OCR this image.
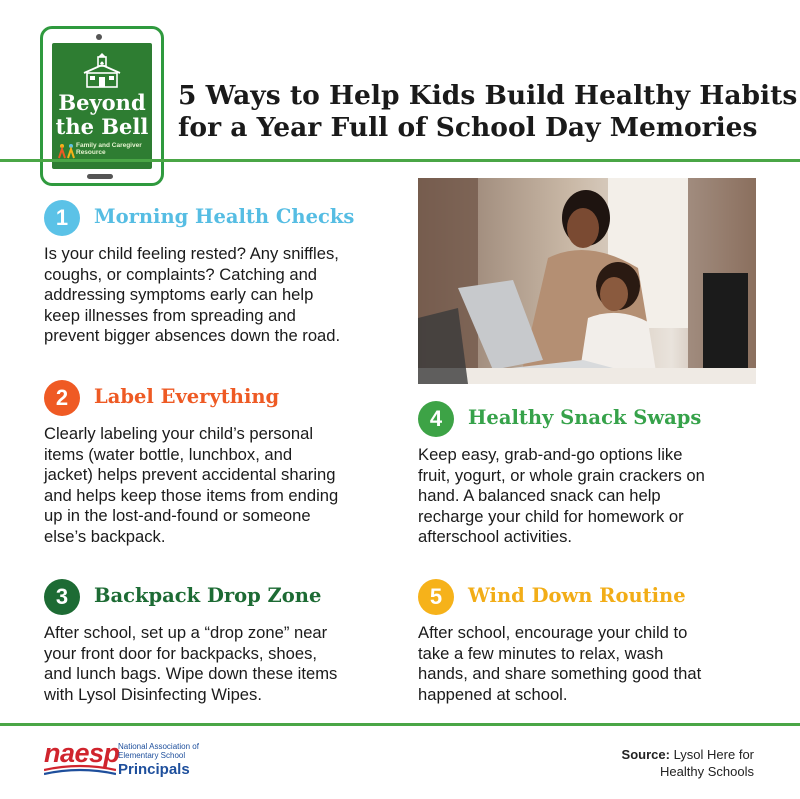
Beyond
the Bell
Family and Caregiver Resource
5 Ways to Help Kids Build Healthy Habits
for a Year Full of School Day Memories
1	Morning Health Checks

Is your child feeling rested? Any sniffles,
coughs, or complaints? Catching and
addressing symptoms early can help
keep illnesses from spreading and
prevent bigger absences down the road.

2	Label Everything

Clearly labeling your child’s personal
items (water bottle, lunchbox, and
jacket) helps prevent accidental sharing
and helps keep those items from ending
up in the lost-and-found or someone
else’s backpack.

3	Backpack Drop Zone

After school, set up a “drop zone” near
your front door for backpacks, shoes,
and lunch bags. Wipe down these items
with Lysol Disinfecting Wipes.

4	Healthy Snack Swaps

Keep easy, grab-and-go options like
fruit, yogurt, or whole grain crackers on
hand. A balanced snack can help
recharge your child for homework or
afterschool activities.

5	Wind Down Routine

After school, encourage your child to
take a few minutes to relax, wash
hands, and share something good that
happened at school.

naesp
National Association of
Elementary School
Principals
Source: Lysol Here for
Healthy Schools
